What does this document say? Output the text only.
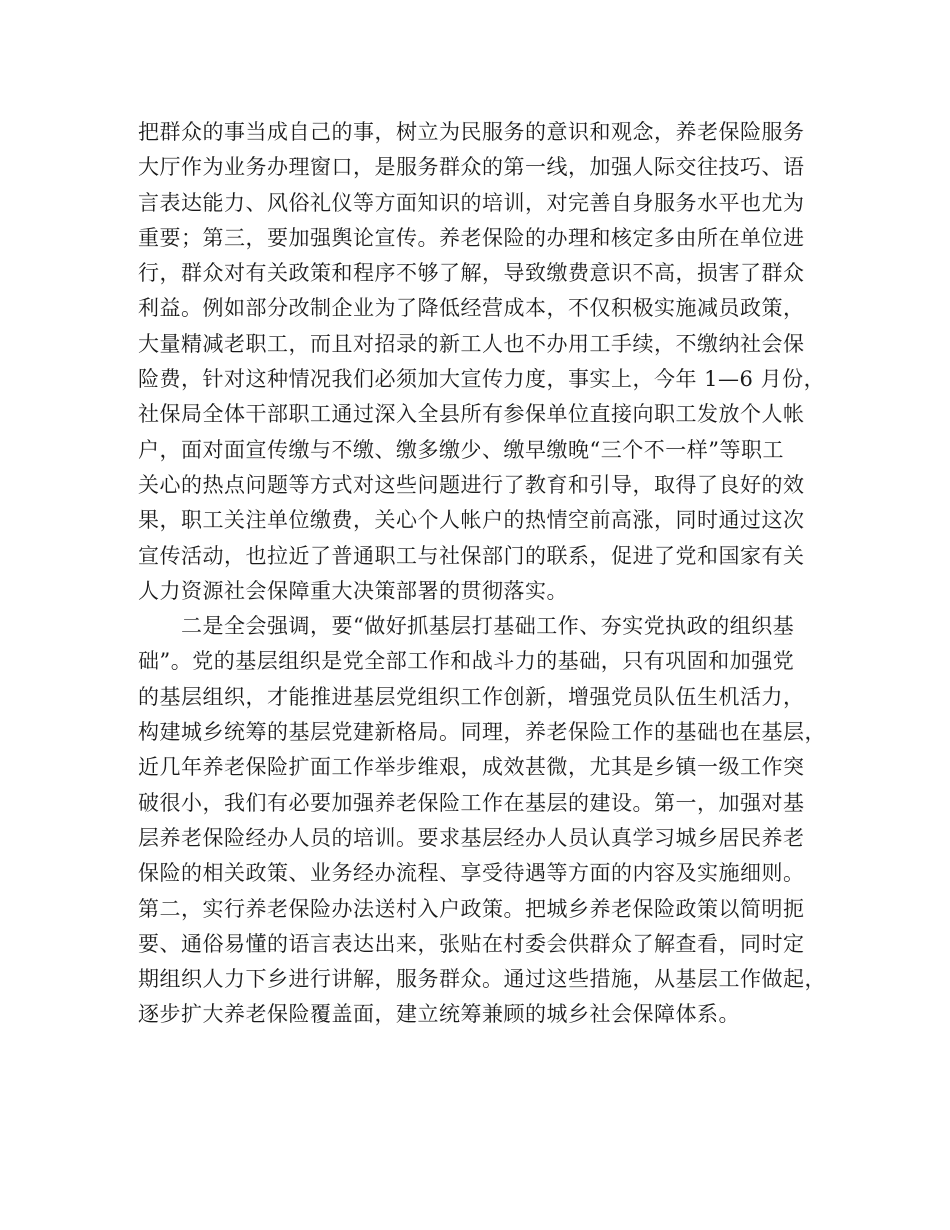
把群众的事当成自己的事，树立为民服务的意识和观念，养老保险服务
大厅作为业务办理窗口，是服务群众的第一线，加强人际交往技巧、语
言表达能力、风俗礼仪等方面知识的培训，对完善自身服务水平也尤为
重要；第三，要加强舆论宣传。养老保险的办理和核定多由所在单位进
行，群众对有关政策和程序不够了解，导致缴费意识不高，损害了群众
利益。例如部分改制企业为了降低经营成本，不仅积极实施减员政策，
大量精减老职工，而且对招录的新工人也不办用工手续，不缴纳社会保
险费，针对这种情况我们必须加大宣传力度，事实上，今年 1—6 月份，
社保局全体干部职工通过深入全县所有参保单位直接向职工发放个人帐
户，面对面宣传缴与不缴、缴多缴少、缴早缴晚“三个不一样”等职工
关心的热点问题等方式对这些问题进行了教育和引导，取得了良好的效
果，职工关注单位缴费，关心个人帐户的热情空前高涨，同时通过这次
宣传活动，也拉近了普通职工与社保部门的联系，促进了党和国家有关
人力资源社会保障重大决策部署的贯彻落实。
　　二是全会强调，要“做好抓基层打基础工作、夯实党执政的组织基
础”。党的基层组织是党全部工作和战斗力的基础，只有巩固和加强党
的基层组织，才能推进基层党组织工作创新，增强党员队伍生机活力，
构建城乡统筹的基层党建新格局。同理，养老保险工作的基础也在基层，
近几年养老保险扩面工作举步维艰，成效甚微，尤其是乡镇一级工作突
破很小，我们有必要加强养老保险工作在基层的建设。第一，加强对基
层养老保险经办人员的培训。要求基层经办人员认真学习城乡居民养老
保险的相关政策、业务经办流程、享受待遇等方面的内容及实施细则。
第二，实行养老保险办法送村入户政策。把城乡养老保险政策以简明扼
要、通俗易懂的语言表达出来，张贴在村委会供群众了解查看，同时定
期组织人力下乡进行讲解，服务群众。通过这些措施，从基层工作做起，
逐步扩大养老保险覆盖面，建立统筹兼顾的城乡社会保障体系。
